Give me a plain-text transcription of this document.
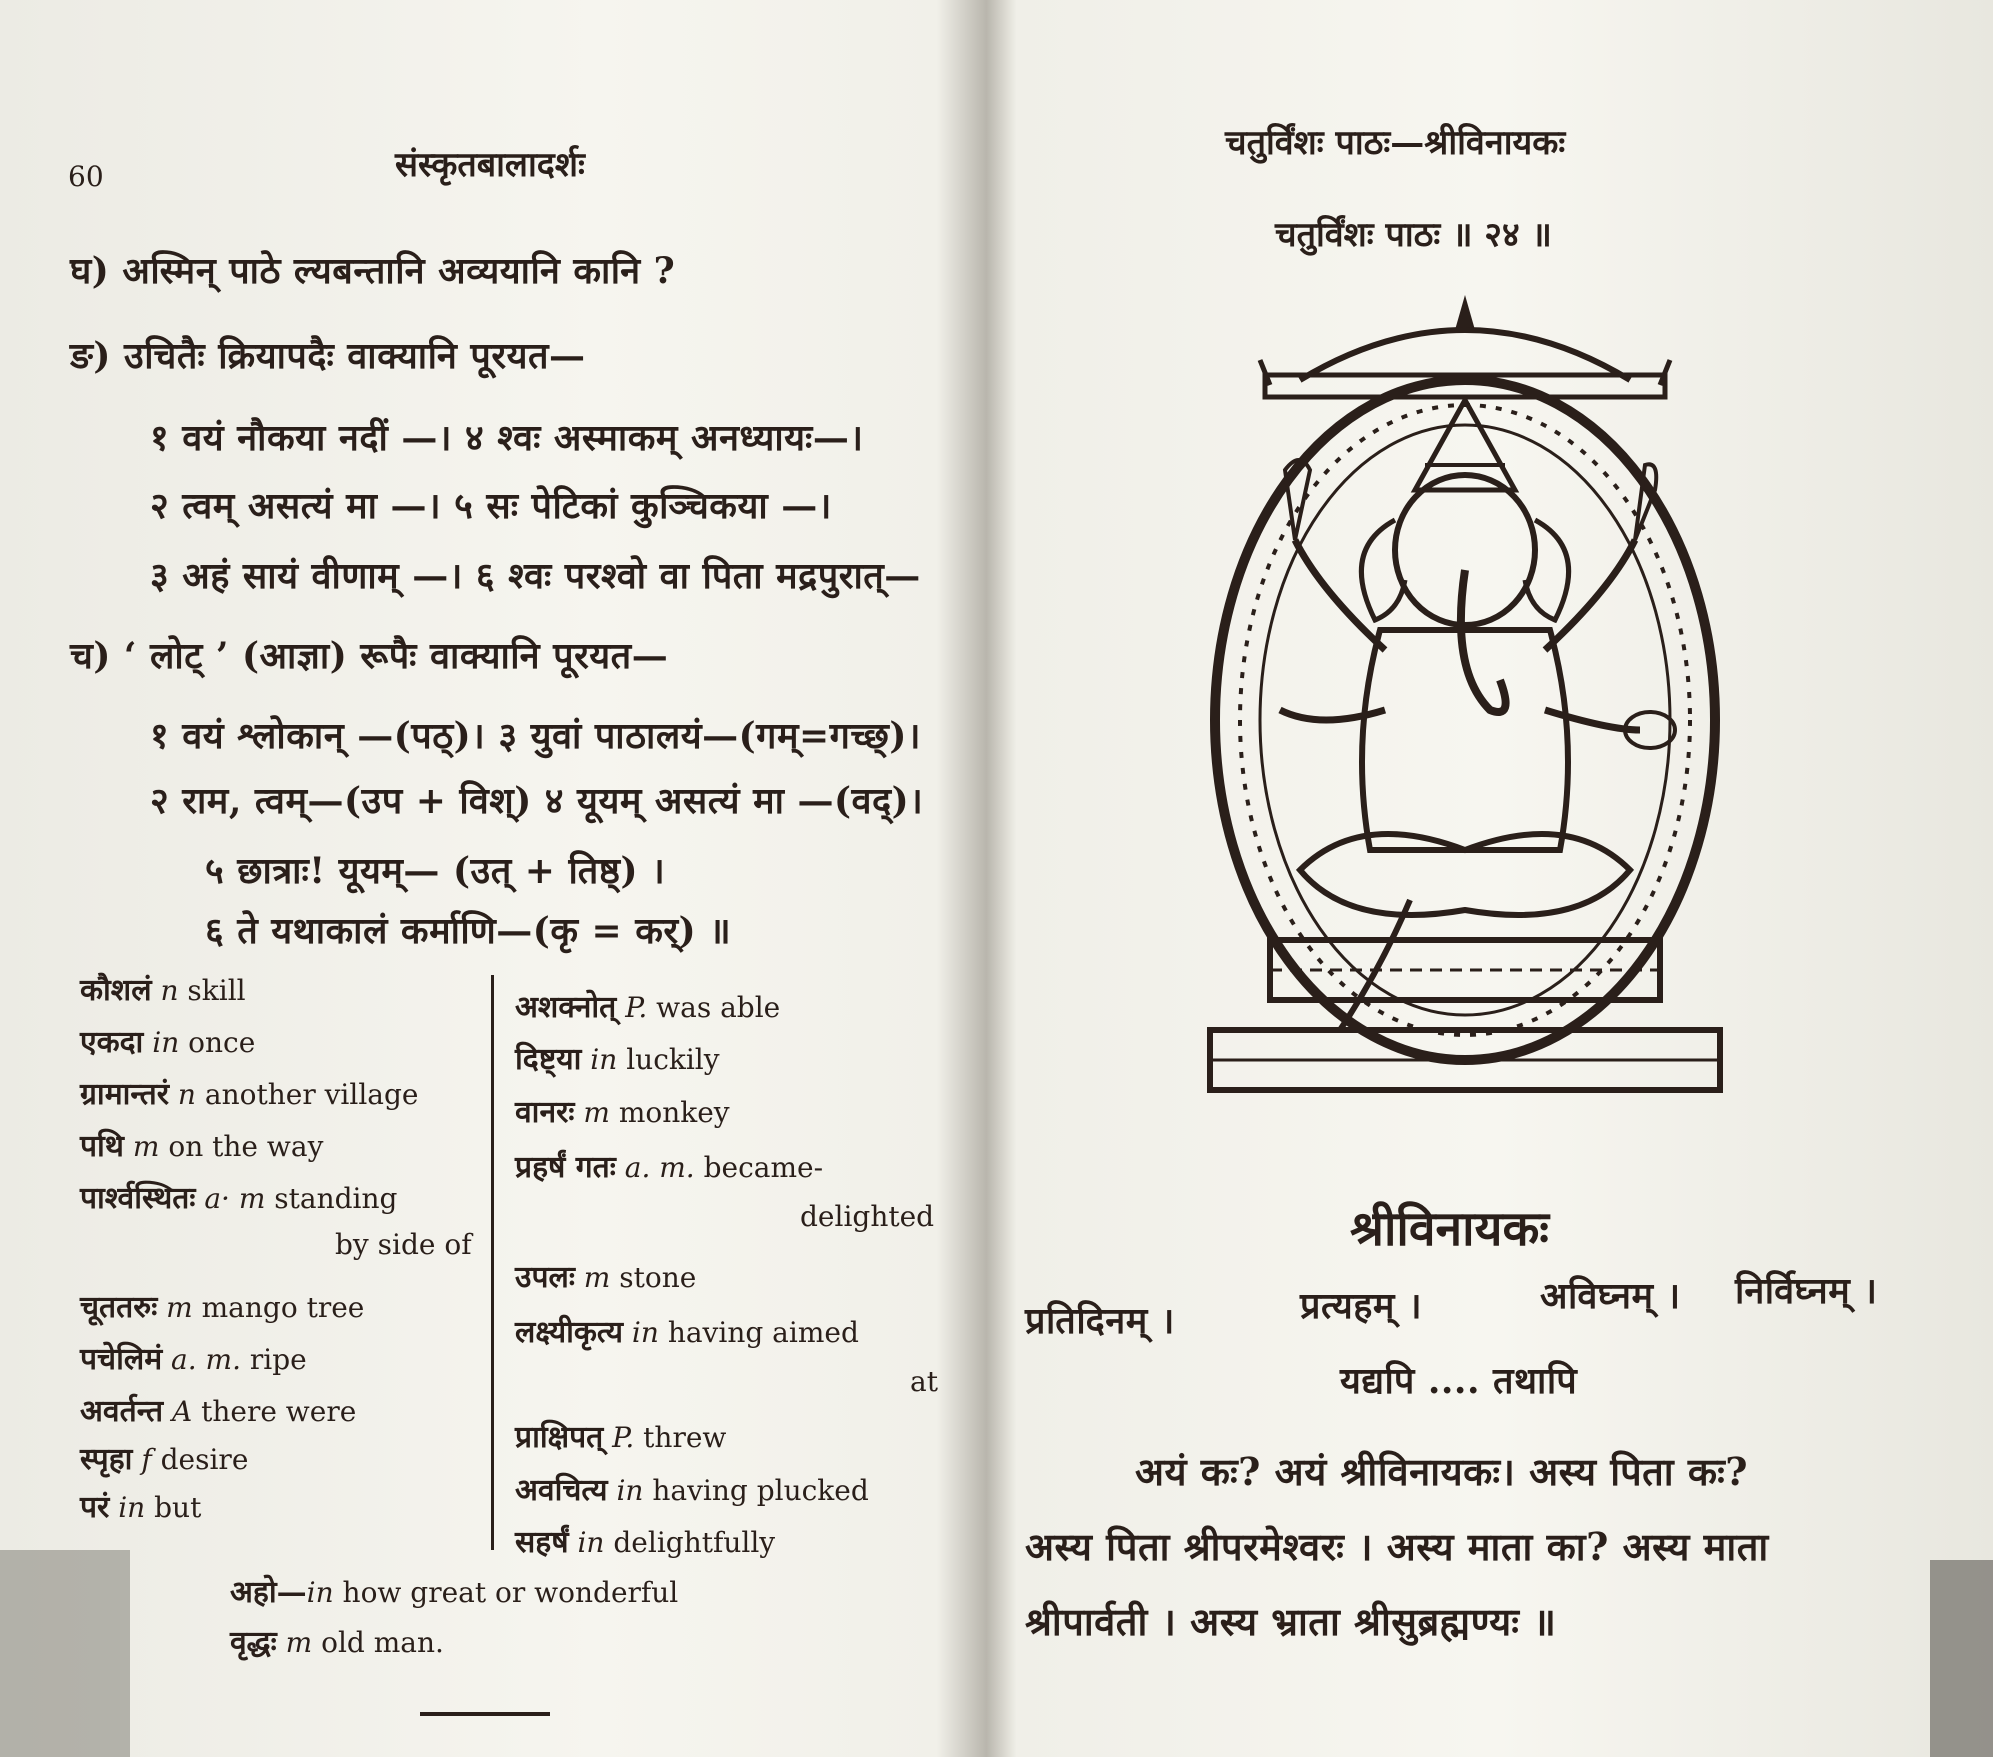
60	संस्कृतबालादर्शः
घ) अस्मिन् पाठे ल्यबन्तानि अव्ययानि कानि ?
ङ) उचितैः क्रियापदैः वाक्यानि पूरयत—
१ वयं नौकया नदीं —। ४ श्वः अस्माकम् अनध्यायः—।
२ त्वम् असत्यं मा —। ५ सः पेटिकां कुञ्चिकया —।
३ अहं सायं वीणाम् —। ६ श्वः परश्वो वा पिता मद्रपुरात्—
च) ‘ लोट् ’ (आज्ञा) रूपैः वाक्यानि पूरयत—
१ वयं श्लोकान् —(पठ्)। ३ युवां पाठालयं—(गम्=गच्छ्)।
२ राम, त्वम्—(उप + विश्) ४ यूयम् असत्यं मा —(वद्)।
५ छात्राः! यूयम्— (उत् + तिष्ठ्) ।
६ ते यथाकालं कर्माणि—(कृ = कर्) ॥
कौशलं n skill
एकदा in once
ग्रामान्तरं n another village
पथि m on the way
पार्श्वस्थितः a· m standing
by side of
चूततरुः m mango tree
पचेलिमं a. m. ripe
अवर्तन्त A there were
स्पृहा f desire
परं in but
अशक्नोत् P. was able
दिष्ट्या in luckily
वानरः m monkey
प्रहर्षं गतः a. m. became-
delighted
उपलः m stone
लक्ष्यीकृत्य in having aimed
at
प्राक्षिपत् P. threw
अवचित्य in having plucked
सहर्षं in delightfully
अहो—in how great or wonderful
वृद्धः m old man.
चतुर्विंशः पाठः—श्रीविनायकः
चतुर्विंशः पाठः ॥ २४ ॥
श्रीविनायकः
प्रतिदिनम् ।	प्रत्यहम् ।	अविघ्नम् । निर्विघ्नम् ।
यद्यपि .... तथापि
अयं कः? अयं श्रीविनायकः। अस्य पिता कः?
अस्य पिता श्रीपरमेश्वरः । अस्य माता का? अस्य माता
श्रीपार्वती । अस्य भ्राता श्रीसुब्रह्मण्यः ॥
